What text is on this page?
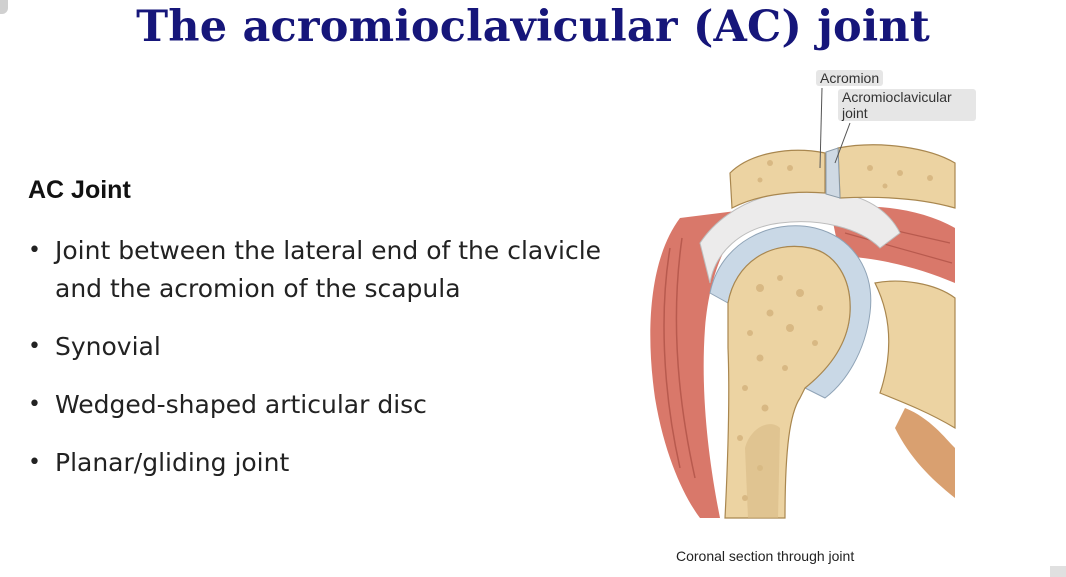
The acromioclavicular (AC) joint
AC Joint
• Joint between the lateral end of the clavicle and the acromion of the scapula
• Synovial
• Wedged-shaped articular disc
• Planar/gliding joint
Acromion
Acromioclavicular joint

Coronal section through joint
